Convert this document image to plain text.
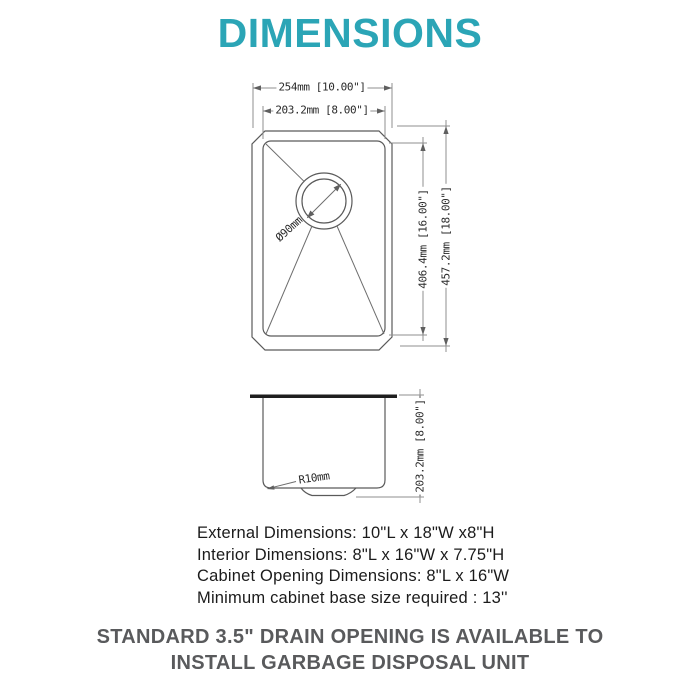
DIMENSIONS
254mm [10.00"]
203.2mm [8.00"]
406.4mm [16.00"] 457.2mm [18.00"]
Ø90mm
R10mm	203.2mm [8.00"]
External Dimensions: 10"L x 18"W x8"H
Interior Dimensions: 8"L x 16"W x 7.75"H
Cabinet Opening Dimensions: 8"L x 16"W
Minimum cabinet base size required : 13''
STANDARD 3.5" DRAIN OPENING IS AVAILABLE TO
INSTALL GARBAGE DISPOSAL UNIT
